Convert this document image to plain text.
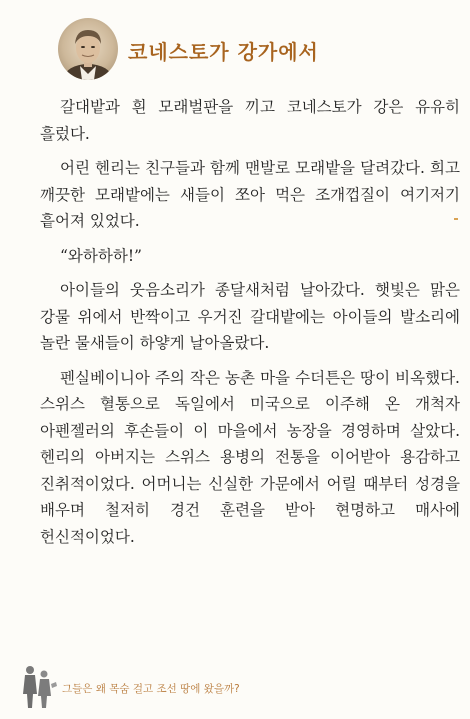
코네스토가 강가에서

갈대밭과 흰 모래벌판을 끼고 코네스토가 강은 유유히 흘렀다.

어린 헨리는 친구들과 함께 맨발로 모래밭을 달려갔다. 희고 깨끗한 모래밭에는 새들이 쪼아 먹은 조개껍질이 여기저기 흩어져 있었다.

“와하하하!”

아이들의 웃음소리가 종달새처럼 날아갔다. 햇빛은 맑은 강물 위에서 반짝이고 우거진 갈대밭에는 아이들의 발소리에 놀란 물새들이 하얗게 날아올랐다.

펜실베이니아 주의 작은 농촌 마을 수더튼은 땅이 비옥했다. 스위스 혈통으로 독일에서 미국으로 이주해 온 개척자 아펜젤러의 후손들이 이 마을에서 농장을 경영하며 살았다. 헨리의 아버지는 스위스 용병의 전통을 이어받아 용감하고 진취적이었다. 어머니는 신실한 가문에서 어릴 때부터 성경을 배우며 철저히 경건 훈련을 받아 현명하고 매사에 헌신적이었다.

그들은 왜 목숨 걸고 조선 땅에 왔을까?
